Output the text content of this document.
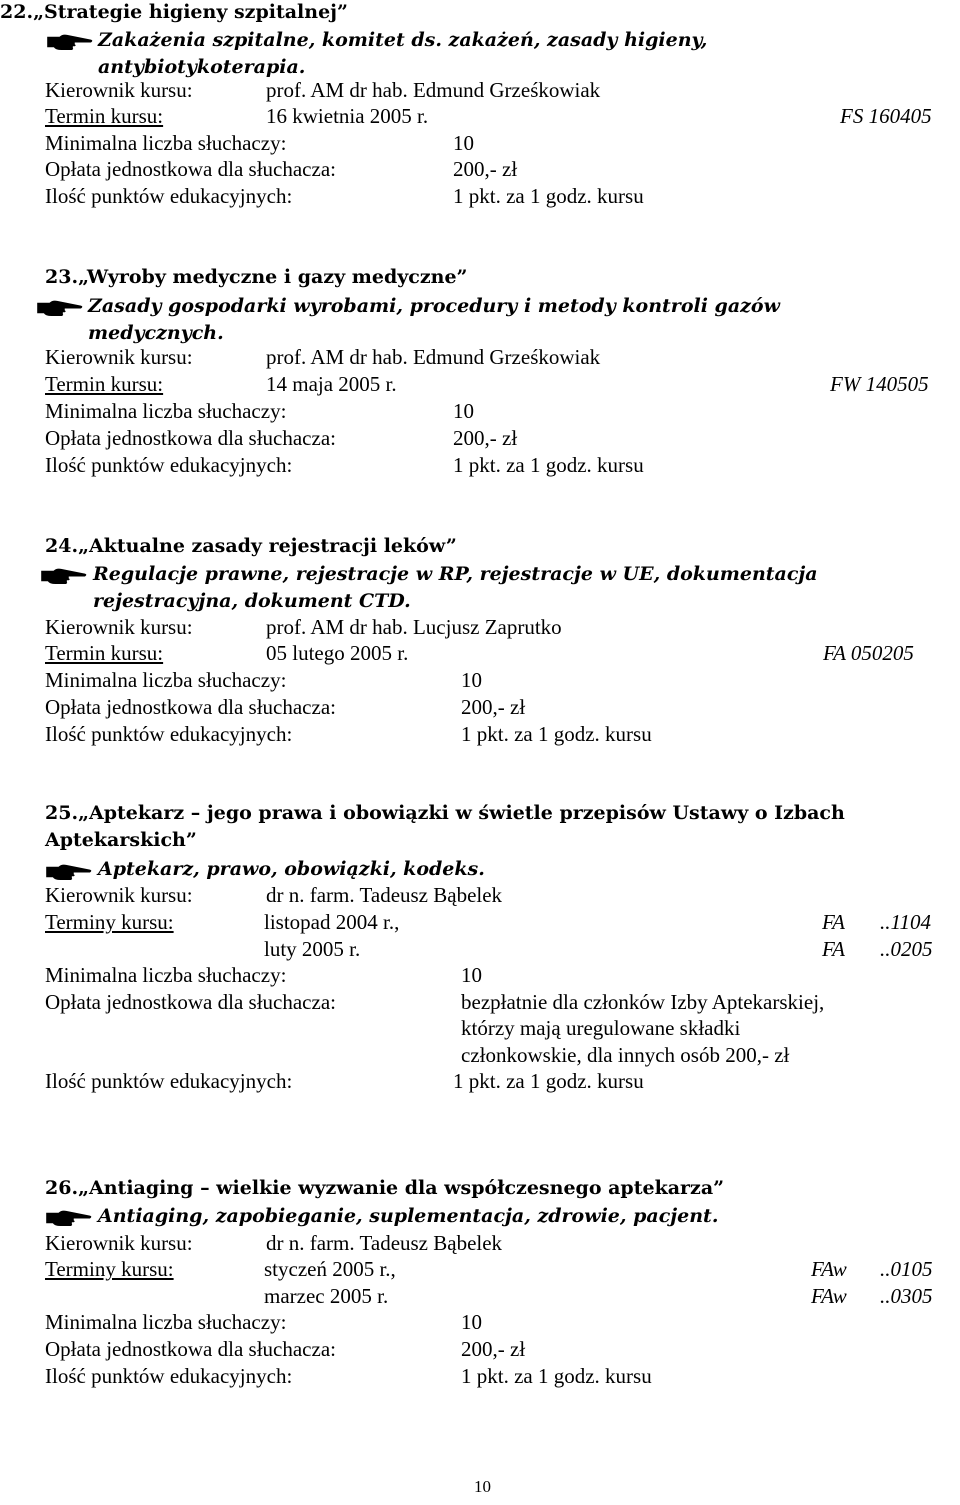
22.„Strategie higieny szpitalnej”
Zakażenia szpitalne, komitet ds. zakażeń, zasady higieny,
antybiotykoterapia.
Kierownik kursu:	prof. AM dr hab. Edmund Grześkowiak
Termin kursu:	16 kwietnia 2005 r.	FS 160405
Minimalna liczba słuchaczy:	10
Opłata jednostkowa dla słuchacza:	200,- zł
Ilość punktów edukacyjnych:	1 pkt. za 1 godz. kursu
23.„Wyroby medyczne i gazy medyczne”
Zasady gospodarki wyrobami, procedury i metody kontroli gazów
medycznych.
Kierownik kursu:	prof. AM dr hab. Edmund Grześkowiak
Termin kursu:	14 maja 2005 r.	FW 140505
Minimalna liczba słuchaczy:	10
Opłata jednostkowa dla słuchacza:	200,- zł
Ilość punktów edukacyjnych:	1 pkt. za 1 godz. kursu
24.„Aktualne zasady rejestracji leków”
Regulacje prawne, rejestracje w RP, rejestracje w UE, dokumentacja
rejestracyjna, dokument CTD.
Kierownik kursu:	prof. AM dr hab. Lucjusz Zaprutko
Termin kursu:	05 lutego 2005 r.	FA 050205
Minimalna liczba słuchaczy:	10
Opłata jednostkowa dla słuchacza:	200,- zł
Ilość punktów edukacyjnych:	1 pkt. za 1 godz. kursu
25.„Aptekarz – jego prawa i obowiązki w świetle przepisów Ustawy o Izbach
Aptekarskich”
Aptekarz, prawo, obowiązki, kodeks.
Kierownik kursu:	dr n. farm. Tadeusz Bąbelek
Terminy kursu:	listopad 2004 r.,	FA ..1104
luty 2005 r.	FA ..0205
Minimalna liczba słuchaczy:	10
Opłata jednostkowa dla słuchacza:	bezpłatnie dla członków Izby Aptekarskiej,
którzy mają uregulowane składki
członkowskie, dla innych osób 200,- zł
Ilość punktów edukacyjnych:	1 pkt. za 1 godz. kursu
26.„Antiaging – wielkie wyzwanie dla współczesnego aptekarza”
Antiaging, zapobieganie, suplementacja, zdrowie, pacjent.
Kierownik kursu:	dr n. farm. Tadeusz Bąbelek
Terminy kursu:	styczeń 2005 r.,	FAw ..0105
marzec 2005 r.	FAw ..0305
Minimalna liczba słuchaczy:	10
Opłata jednostkowa dla słuchacza:	200,- zł
Ilość punktów edukacyjnych:	1 pkt. za 1 godz. kursu
10
